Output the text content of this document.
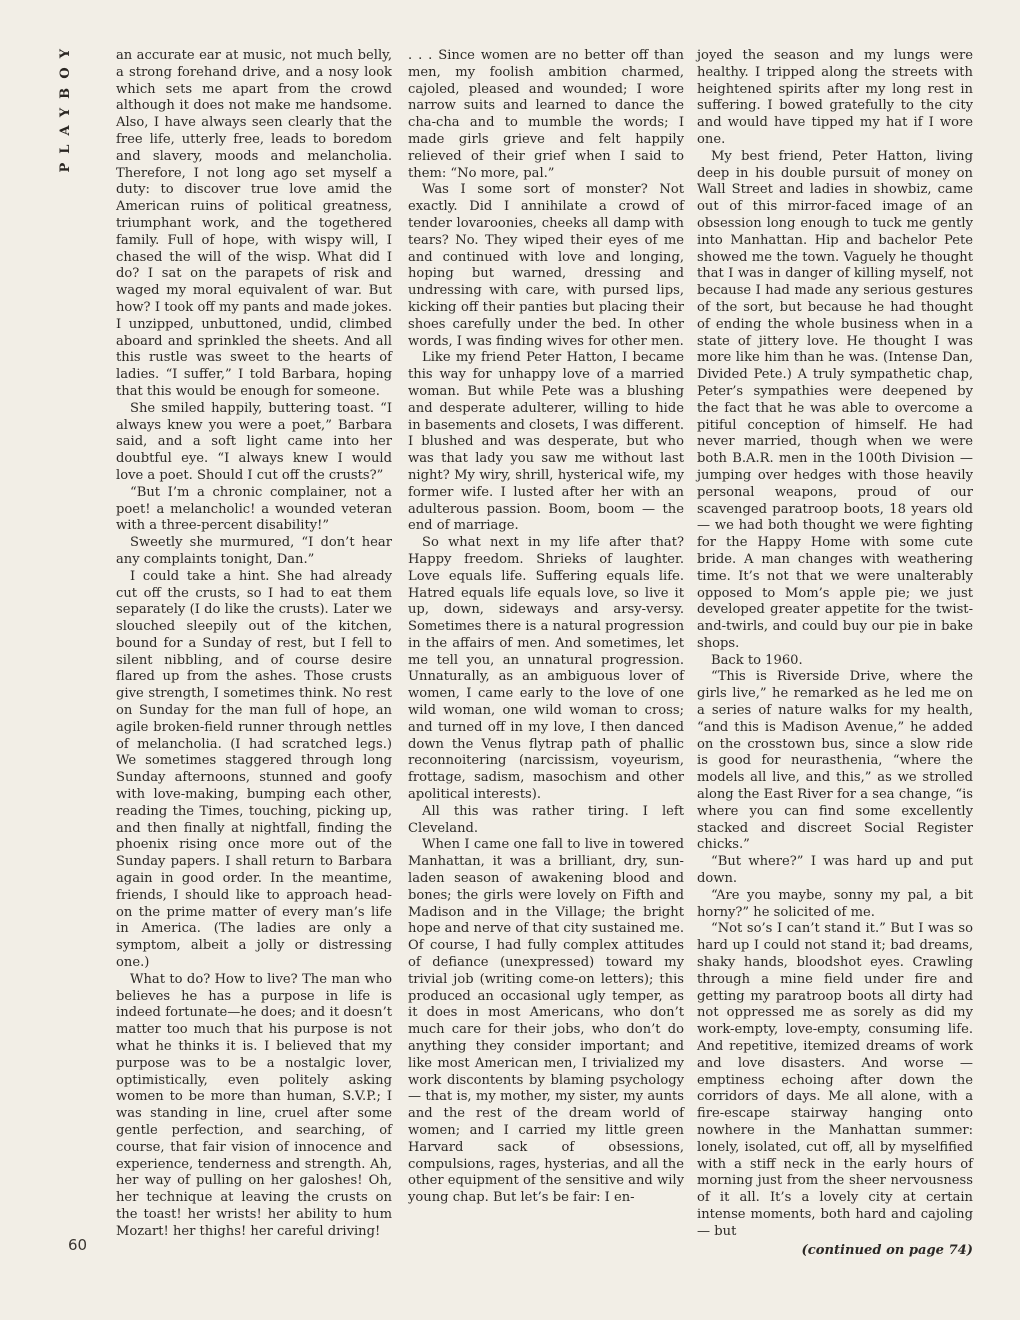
PLAYBOY	an accurate ear at music, not much belly, a strong forehand drive, and a nosy look which sets me apart from the crowd although it does not make me handsome. Also, I have always seen clearly that the free life, utterly free, leads to boredom and slavery, moods and melancholia. Therefore, I not long ago set myself a duty: to discover true love amid the American ruins of political greatness, triumphant work, and the togethered family. Full of hope, with wispy will, I chased the will of the wisp. What did I do? I sat on the parapets of risk and waged my moral equivalent of war. But how? I took off my pants and made jokes. I unzipped, unbuttoned, undid, climbed aboard and sprinkled the sheets. And all this rustle was sweet to the hearts of ladies. “I suffer,” I told Barbara, hoping that this would be enough for someone.

She smiled happily, buttering toast. “I always knew you were a poet,” Barbara said, and a soft light came into her doubtful eye. “I always knew I would love a poet. Should I cut off the crusts?”

“But I’m a chronic complainer, not a poet! a melancholic! a wounded veteran with a three-percent disability!”

Sweetly she murmured, “I don’t hear any complaints tonight, Dan.”

I could take a hint. She had already cut off the crusts, so I had to eat them separately (I do like the crusts). Later we slouched sleepily out of the kitchen, bound for a Sunday of rest, but I fell to silent nibbling, and of course desire flared up from the ashes. Those crusts give strength, I sometimes think. No rest on Sunday for the man full of hope, an agile broken-field runner through nettles of melancholia. (I had scratched legs.) We sometimes staggered through long Sunday afternoons, stunned and goofy with love-making, bumping each other, reading the Times, touching, picking up, and then finally at nightfall, finding the phoenix rising once more out of the Sunday papers. I shall return to Barbara again in good order. In the meantime, friends, I should like to approach head-on the prime matter of every man’s life in America. (The ladies are only a symptom, albeit a jolly or distressing one.)

What to do? How to live? The man who believes he has a purpose in life is indeed fortunate—he does; and it doesn’t matter too much that his purpose is not what he thinks it is. I believed that my purpose was to be a nostalgic lover, optimistically, even politely asking women to be more than human, S.V.P.; I was standing in line, cruel after some gentle perfection, and searching, of course, that fair vision of innocence and experience, tenderness and strength. Ah, her way of pulling on her galoshes! Oh, her technique at leaving the crusts on the toast! her wrists! her ability to hum Mozart! her thighs! her careful driving!

. . . Since women are no better off than men, my foolish ambition charmed, cajoled, pleased and wounded; I wore narrow suits and learned to dance the cha-cha and to mumble the words; I made girls grieve and felt happily relieved of their grief when I said to them: “No more, pal.”

Was I some sort of monster? Not exactly. Did I annihilate a crowd of tender lovaroonies, cheeks all damp with tears? No. They wiped their eyes of me and continued with love and longing, hoping but warned, dressing and undressing with care, with pursed lips, kicking off their panties but placing their shoes carefully under the bed. In other words, I was finding wives for other men.

Like my friend Peter Hatton, I became this way for unhappy love of a married woman. But while Pete was a blushing and desperate adulterer, willing to hide in basements and closets, I was different. I blushed and was desperate, but who was that lady you saw me without last night? My wiry, shrill, hysterical wife, my former wife. I lusted after her with an adulterous passion. Boom, boom — the end of marriage.

So what next in my life after that? Happy freedom. Shrieks of laughter. Love equals life. Suffering equals life. Hatred equals life equals love, so live it up, down, sideways and arsy-versy. Sometimes there is a natural progression in the affairs of men. And sometimes, let me tell you, an unnatural progression. Unnaturally, as an ambiguous lover of women, I came early to the love of one wild woman, one wild woman to cross; and turned off in my love, I then danced down the Venus flytrap path of phallic reconnoitering (narcissism, voyeurism, frottage, sadism, masochism and other apolitical interests).

All this was rather tiring. I left Cleveland.

When I came one fall to live in towered Manhattan, it was a brilliant, dry, sun-laden season of awakening blood and bones; the girls were lovely on Fifth and Madison and in the Village; the bright hope and nerve of that city sustained me. Of course, I had fully complex attitudes of defiance (unexpressed) toward my trivial job (writing come-on letters); this produced an occasional ugly temper, as it does in most Americans, who don’t much care for their jobs, who don’t do anything they consider important; and like most American men, I trivialized my work discontents by blaming psychology— that is, my mother, my sister, my aunts and the rest of the dream world of women; and I carried my little green Harvard sack of obsessions, compulsions, rages, hysterias, and all the other equipment of the sensitive and wily young chap. But let’s be fair: I en-

joyed the season and my lungs were healthy. I tripped along the streets with heightened spirits after my long rest in suffering. I bowed gratefully to the city and would have tipped my hat if I wore one.

My best friend, Peter Hatton, living deep in his double pursuit of money on Wall Street and ladies in showbiz, came out of this mirror-faced image of an obsession long enough to tuck me gently into Manhattan. Hip and bachelor Pete showed me the town. Vaguely he thought that I was in danger of killing myself, not because I had made any serious gestures of the sort, but because he had thought of ending the whole business when in a state of jittery love. He thought I was more like him than he was. (Intense Dan, Divided Pete.) A truly sympathetic chap, Peter’s sympathies were deepened by the fact that he was able to overcome a pitiful conception of himself. He had never married, though when we were both B.A.R. men in the 100th Division — jumping over hedges with those heavily personal weapons, proud of our scavenged paratroop boots, 18 years old — we had both thought we were fighting for the Happy Home with some cute bride. A man changes with weathering time. It’s not that we were unalterably opposed to Mom’s apple pie; we just developed greater appetite for the twist-and-twirls, and could buy our pie in bake shops.

Back to 1960.

“This is Riverside Drive, where the girls live,” he remarked as he led me on a series of nature walks for my health, “and this is Madison Avenue,” he added on the crosstown bus, since a slow ride is good for neurasthenia, “where the models all live, and this,” as we strolled along the East River for a sea change, “is where you can find some excellently stacked and discreet Social Register chicks.”

“But where?” I was hard up and put down.

“Are you maybe, sonny my pal, a bit horny?” he solicited of me.

“Not so’s I can’t stand it.” But I was so hard up I could not stand it; bad dreams, shaky hands, bloodshot eyes. Crawling through a mine field under fire and getting my paratroop boots all dirty had not oppressed me as sorely as did my work-empty, love-empty, consuming life. And repetitive, itemized dreams of work and love disasters. And worse — emptiness echoing after down the corridors of days. Me all alone, with a fire-escape stairway hanging onto nowhere in the Manhattan summer: lonely, isolated, cut off, all by myselfified with a stiff neck in the early hours of morning just from the sheer nervousness of it all. It’s a lovely city at certain intense moments, both hard and cajoling — but

(continued on page 74)

60
